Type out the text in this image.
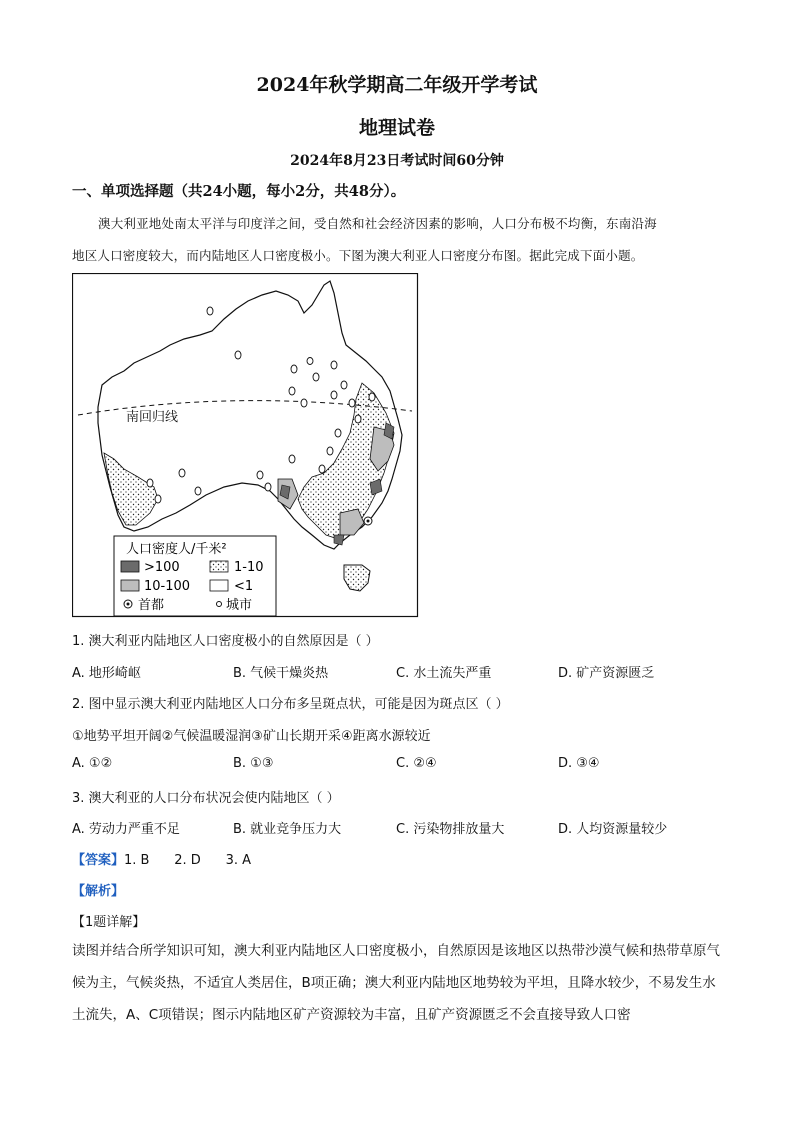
2024年秋学期高二年级开学考试
地理试卷
2024年8月23日考试时间60分钟
一、单项选择题（共24小题，每小2分，共48分）。
澳大利亚地处南太平洋与印度洋之间，受自然和社会经济因素的影响，人口分布极不均衡，东南沿海
地区人口密度较大，而内陆地区人口密度极小。下图为澳大利亚人口密度分布图。据此完成下面小题。
南回归线
人口密度人/千米²
>100	1-10
10-100	<1
首都	城市
1. 澳大利亚内陆地区人口密度极小的自然原因是（ ）
A. 地形崎岖	B. 气候干燥炎热	C. 水土流失严重	D. 矿产资源匮乏
2. 图中显示澳大利亚内陆地区人口分布多呈斑点状，可能是因为斑点区（ ）
①地势平坦开阔②气候温暖湿润③矿山长期开采④距离水源较近
A. ①②	B. ①③	C. ②④	D. ③④
3. 澳大利亚的人口分布状况会使内陆地区（ ）
A. 劳动力严重不足	B. 就业竞争压力大	C. 污染物排放量大	D. 人均资源量较少
【答案】1. B      2. D      3. A
【解析】
【1题详解】
读图并结合所学知识可知，澳大利亚内陆地区人口密度极小，自然原因是该地区以热带沙漠气候和热带草原气候为主，气候炎热，不适宜人类居住，B项正确；澳大利亚内陆地区地势较为平坦，且降水较少，不易发生水土流失，A、C项错误；图示内陆地区矿产资源较为丰富，且矿产资源匮乏不会直接导致人口密
